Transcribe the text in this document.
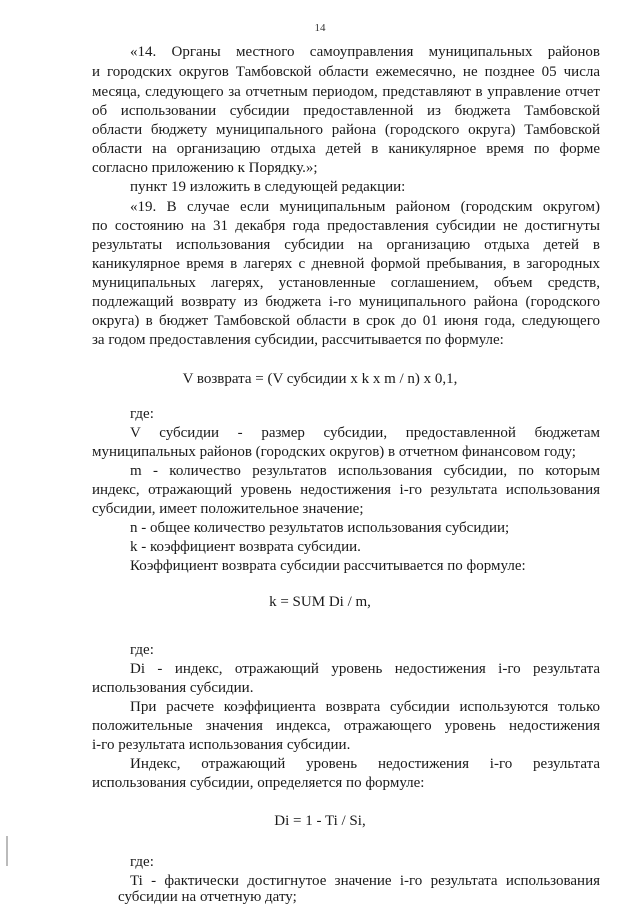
14
«14. Органы местного самоуправления муниципальных районов
и городских округов Тамбовской области ежемесячно, не позднее 05 числа
месяца, следующего за отчетным периодом, представляют в управление отчет
об использовании субсидии предоставленной из бюджета Тамбовской
области бюджету муниципального района (городского округа) Тамбовской
области на организацию отдыха детей в каникулярное время по форме
согласно приложению к Порядку.»;
пункт 19 изложить в следующей редакции:
«19. В случае если муниципальным районом (городским округом)
по состоянию на 31 декабря года предоставления субсидии не достигнуты
результаты использования субсидии на организацию отдыха детей в
каникулярное время в лагерях с дневной формой пребывания, в загородных
муниципальных лагерях, установленные соглашением, объем средств,
подлежащий возврату из бюджета i-го муниципального района (городского
округа) в бюджет Тамбовской области в срок до 01 июня года, следующего
за годом предоставления субсидии, рассчитывается по формуле:
V возврата = (V субсидии x k x m / n) x 0,1,
где:
V субсидии - размер субсидии, предоставленной бюджетам
муниципальных районов (городских округов) в отчетном финансовом году;
m - количество результатов использования субсидии, по которым
индекс, отражающий уровень недостижения i-го результата использования
субсидии, имеет положительное значение;
n - общее количество результатов использования субсидии;
k - коэффициент возврата субсидии.
Коэффициент возврата субсидии рассчитывается по формуле:
k = SUM Di / m,
где:
Di - индекс, отражающий уровень недостижения i-го результата
использования субсидии.
При расчете коэффициента возврата субсидии используются только
положительные значения индекса, отражающего уровень недостижения
i-го результата использования субсидии.
Индекс, отражающий уровень недостижения i-го результата
использования субсидии, определяется по формуле:
Di = 1 - Ti / Si,
где:
Ti - фактически достигнутое значение i-го результата использования
субсидии на отчетную дату;
